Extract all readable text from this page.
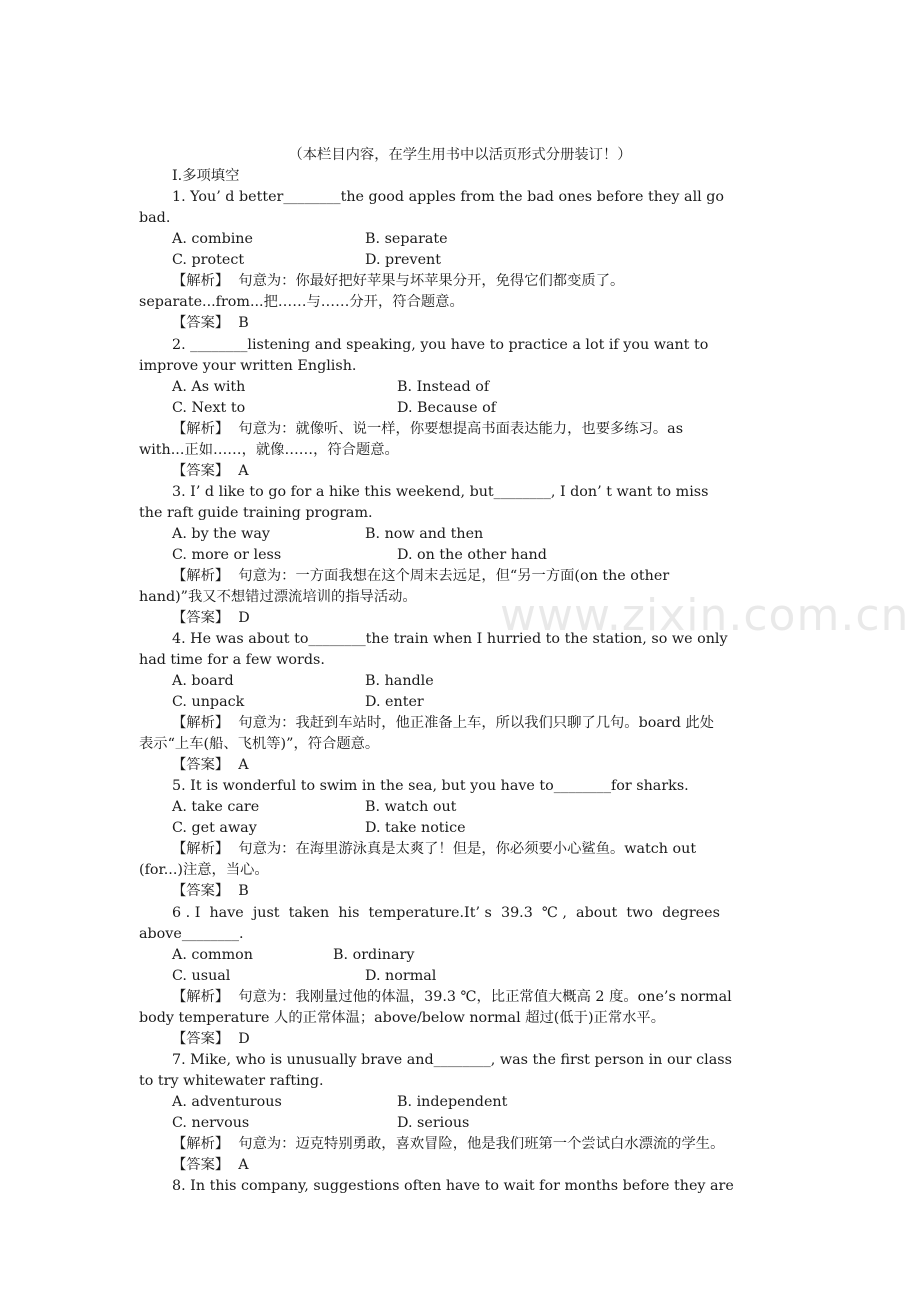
www.zixin.com.cn
（本栏目内容，在学生用书中以活页形式分册装订！）
Ⅰ.多项填空
1. You’ d better________the good apples from the bad ones before they all go
bad.
A. combine	B. separate
C. protect	D. prevent
【解析】  句意为：你最好把好苹果与坏苹果分开，免得它们都变质了。
separate...from...把……与……分开，符合题意。
【答案】  B
2. ________listening and speaking, you have to practice a lot if you want to
improve your written English.
A. As with	B. Instead of
C. Next to	D. Because of
【解析】  句意为：就像听、说一样，你要想提高书面表达能力，也要多练习。as
with...正如……，就像……，符合题意。
【答案】  A
3. I’ d like to go for a hike this weekend, but________, I don’ t want to miss
the raft guide training program.
A. by the way	B. now and then
C. more or less	D. on the other hand
【解析】  句意为：一方面我想在这个周末去远足，但“另一方面(on the other
hand)”我又不想错过漂流培训的指导活动。
【答案】  D
4. He was about to________the train when I hurried to the station, so we only
had time for a few words.
A. board	B. handle
C. unpack	D. enter
【解析】  句意为：我赶到车站时，他正准备上车，所以我们只聊了几句。board 此处
表示“上车(船、飞机等)”，符合题意。
【答案】  A
5. It is wonderful to swim in the sea, but you have to________for sharks.
A. take care	B. watch out
C. get away	D. take notice
【解析】  句意为：在海里游泳真是太爽了！但是，你必须要小心鲨鱼。watch out
(for...)注意，当心。
【答案】  B
6 . I  have  just  taken  his  temperature.It’ s  39.3  ℃ ,  about  two  degrees
above________.
A. common	B. ordinary
C. usual	D. normal
【解析】  句意为：我刚量过他的体温，39.3 ℃，比正常值大概高 2 度。one’s normal
body temperature 人的正常体温；above/below normal 超过(低于)正常水平。
【答案】  D
7. Mike, who is unusually brave and________, was the first person in our class
to try whitewater rafting.
A. adventurous	B. independent
C. nervous	D. serious
【解析】  句意为：迈克特别勇敢，喜欢冒险，他是我们班第一个尝试白水漂流的学生。
【答案】  A
8. In this company, suggestions often have to wait for months before they are
